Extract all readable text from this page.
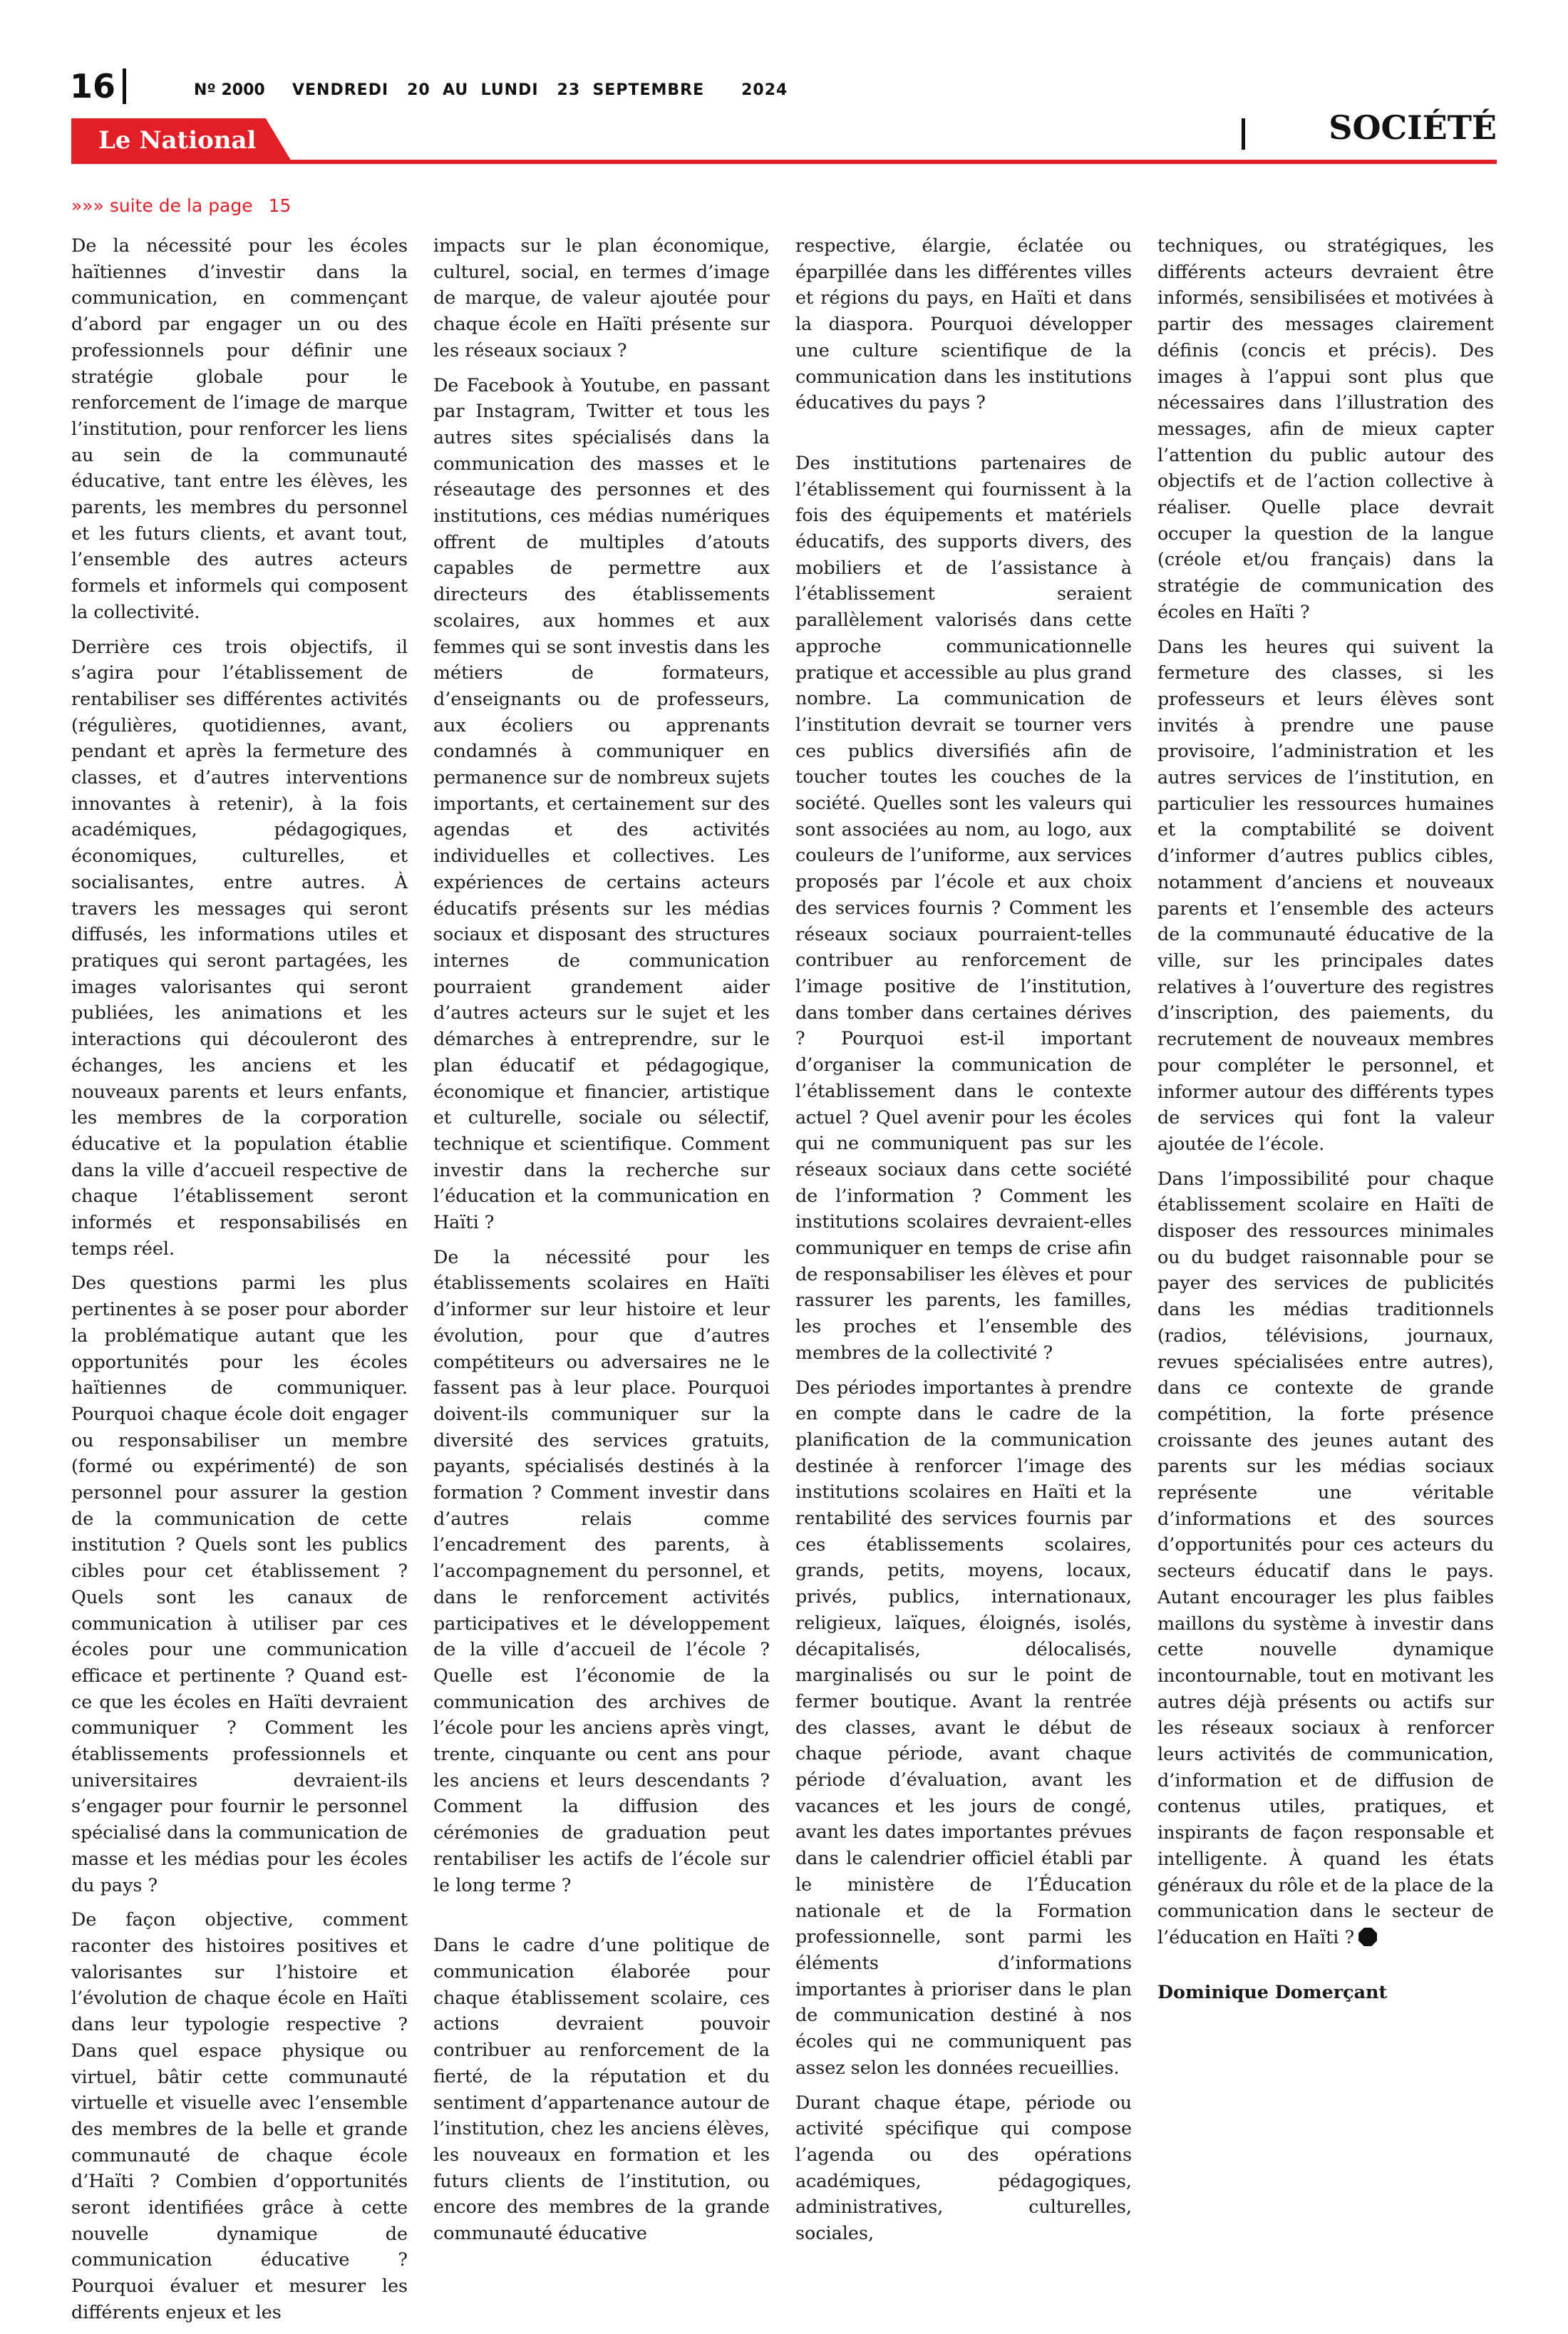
16	Nº 2000 VENDREDI   20  AU  LUNDI   23  SEPTEMBRE      2024
Le National	SOCIÉTÉ
»»» suite de la page 15

De la nécessité pour les écoles haïtiennes d’investir dans la communication, en commençant d’abord par engager un ou des professionnels pour définir une stratégie globale pour le renforcement de l’image de marque l’institution, pour renforcer les liens au sein de la communauté éducative, tant entre les élèves, les parents, les membres du personnel et les futurs clients, et avant tout, l’ensemble des autres acteurs formels et informels qui composent la collectivité.

Derrière ces trois objectifs, il s’agira pour l’établissement de rentabiliser ses différentes activités (régulières, quotidiennes, avant, pendant et après la fermeture des classes, et d’autres interventions innovantes à retenir), à la fois académiques, pédagogiques, économiques, culturelles, et socialisantes, entre autres. À travers les messages qui seront diffusés, les informations utiles et pratiques qui seront partagées, les images valorisantes qui seront publiées, les animations et les interactions qui découleront des échanges, les anciens et les nouveaux parents et leurs enfants, les membres de la corporation éducative et la population établie dans la ville d’accueil respective de chaque l’établissement seront informés et responsabilisés en temps réel.

Des questions parmi les plus pertinentes à se poser pour aborder la problématique autant que les opportunités pour les écoles haïtiennes de communiquer. Pourquoi chaque école doit engager ou responsabiliser un membre (formé ou expérimenté) de son personnel pour assurer la gestion de la communication de cette institution ? Quels sont les publics cibles pour cet établissement ? Quels sont les canaux de communication à utiliser par ces écoles pour une communication efficace et pertinente ? Quand est-ce que les écoles en Haïti devraient communiquer ? Comment les établissements professionnels et universitaires devraient-ils s’engager pour fournir le personnel spécialisé dans la communication de masse et les médias pour les écoles du pays ?

De façon objective, comment raconter des histoires positives et valorisantes sur l’histoire et l’évolution de chaque école en Haïti dans leur typologie respective ? Dans quel espace physique ou virtuel, bâtir cette communauté virtuelle et visuelle avec l’ensemble des membres de la belle et grande communauté de chaque école d’Haïti ? Combien d’opportunités seront identifiées grâce à cette nouvelle dynamique de communication éducative ? Pourquoi évaluer et mesurer les différents enjeux et les

impacts sur le plan économique, culturel, social, en termes d’image de marque, de valeur ajoutée pour chaque école en Haïti présente sur les réseaux sociaux ?

De Facebook à Youtube, en passant par Instagram, Twitter et tous les autres sites spécialisés dans la communication des masses et le réseautage des personnes et des institutions, ces médias numériques offrent de multiples d’atouts capables de permettre aux directeurs des établissements scolaires, aux hommes et aux femmes qui se sont investis dans les métiers de formateurs, d’enseignants ou de professeurs, aux écoliers ou apprenants condamnés à communiquer en permanence sur de nombreux sujets importants, et certainement sur des agendas et des activités individuelles et collectives. Les expériences de certains acteurs éducatifs présents sur les médias sociaux et disposant des structures internes de communication pourraient grandement aider d’autres acteurs sur le sujet et les démarches à entreprendre, sur le plan éducatif et pédagogique, économique et financier, artistique et culturelle, sociale ou sélectif, technique et scientifique. Comment investir dans la recherche sur l’éducation et la communication en Haïti ?

De la nécessité pour les établissements scolaires en Haïti d’informer sur leur histoire et leur évolution, pour que d’autres compétiteurs ou adversaires ne le fassent pas à leur place. Pourquoi doivent-ils communiquer sur la diversité des services gratuits, payants, spécialisés destinés à la formation ? Comment investir dans d’autres relais comme l’encadrement des parents, à l’accompagnement du personnel, et dans le renforcement activités participatives et le développement de la ville d’accueil de l’école ? Quelle est l’économie de la communication des archives de l’école pour les anciens après vingt, trente, cinquante ou cent ans pour les anciens et leurs descendants ? Comment la diffusion des cérémonies de graduation peut rentabiliser les actifs de l’école sur le long terme ?

Dans le cadre d’une politique de communication élaborée pour chaque établissement scolaire, ces actions devraient pouvoir contribuer au renforcement de la fierté, de la réputation et du sentiment d’appartenance autour de l’institution, chez les anciens élèves, les nouveaux en formation et les futurs clients de l’institution, ou encore des membres de la grande communauté éducative

respective, élargie, éclatée ou éparpillée dans les différentes villes et régions du pays, en Haïti et dans la diaspora. Pourquoi développer une culture scientifique de la communication dans les institutions éducatives du pays ?

Des institutions partenaires de l’établissement qui fournissent à la fois des équipements et matériels éducatifs, des supports divers, des mobiliers et de l’assistance à l’établissement seraient parallèlement valorisés dans cette approche communicationnelle pratique et accessible au plus grand nombre. La communication de l’institution devrait se tourner vers ces publics diversifiés afin de toucher toutes les couches de la société. Quelles sont les valeurs qui sont associées au nom, au logo, aux couleurs de l’uniforme, aux services proposés par l’école et aux choix des services fournis ? Comment les réseaux sociaux pourraient-telles contribuer au renforcement de l’image positive de l’institution, dans tomber dans certaines dérives ? Pourquoi est-il important d’organiser la communication de l’établissement dans le contexte actuel ? Quel avenir pour les écoles qui ne communiquent pas sur les réseaux sociaux dans cette société de l’information ? Comment les institutions scolaires devraient-elles communiquer en temps de crise afin de responsabiliser les élèves et pour rassurer les parents, les familles, les proches et l’ensemble des membres de la collectivité ?

Des périodes importantes à prendre en compte dans le cadre de la planification de la communication destinée à renforcer l’image des institutions scolaires en Haïti et la rentabilité des services fournis par ces établissements scolaires, grands, petits, moyens, locaux, privés, publics, internationaux, religieux, laïques, éloignés, isolés, décapitalisés, délocalisés, marginalisés ou sur le point de fermer boutique. Avant la rentrée des classes, avant le début de chaque période, avant chaque période d’évaluation, avant les vacances et les jours de congé, avant les dates importantes prévues dans le calendrier officiel établi par le ministère de l’Éducation nationale et de la Formation professionnelle, sont parmi les éléments d’informations importantes à prioriser dans le plan de communication destiné à nos écoles qui ne communiquent pas assez selon les données recueillies.

Durant chaque étape, période ou activité spécifique qui compose l’agenda ou des opérations académiques, pédagogiques, administratives, culturelles, sociales,

techniques, ou stratégiques, les différents acteurs devraient être informés, sensibilisées et motivées à partir des messages clairement définis (concis et précis). Des images à l’appui sont plus que nécessaires dans l’illustration des messages, afin de mieux capter l’attention du public autour des objectifs et de l’action collective à réaliser. Quelle place devrait occuper la question de la langue (créole et/ou français) dans la stratégie de communication des écoles en Haïti ?

Dans les heures qui suivent la fermeture des classes, si les professeurs et leurs élèves sont invités à prendre une pause provisoire, l’administration et les autres services de l’institution, en particulier les ressources humaines et la comptabilité se doivent d’informer d’autres publics cibles, notamment d’anciens et nouveaux parents et l’ensemble des acteurs de la communauté éducative de la ville, sur les principales dates relatives à l’ouverture des registres d’inscription, des paiements, du recrutement de nouveaux membres pour compléter le personnel, et informer autour des différents types de services qui font la valeur ajoutée de l’école.

Dans l’impossibilité pour chaque établissement scolaire en Haïti de disposer des ressources minimales ou du budget raisonnable pour se payer des services de publicités dans les médias traditionnels (radios, télévisions, journaux, revues spécialisées entre autres), dans ce contexte de grande compétition, la forte présence croissante des jeunes autant des parents sur les médias sociaux représente une véritable d’informations et des sources d’opportunités pour ces acteurs du secteurs éducatif dans le pays. Autant encourager les plus faibles maillons du système à investir dans cette nouvelle dynamique incontournable, tout en motivant les autres déjà présents ou actifs sur les réseaux sociaux à renforcer leurs activités de communication, d’information et de diffusion de contenus utiles, pratiques, et inspirants de façon responsable et intelligente. À quand les états généraux du rôle et de la place de la communication dans le secteur de l’éducation en Haïti ?

Dominique Domerçant
